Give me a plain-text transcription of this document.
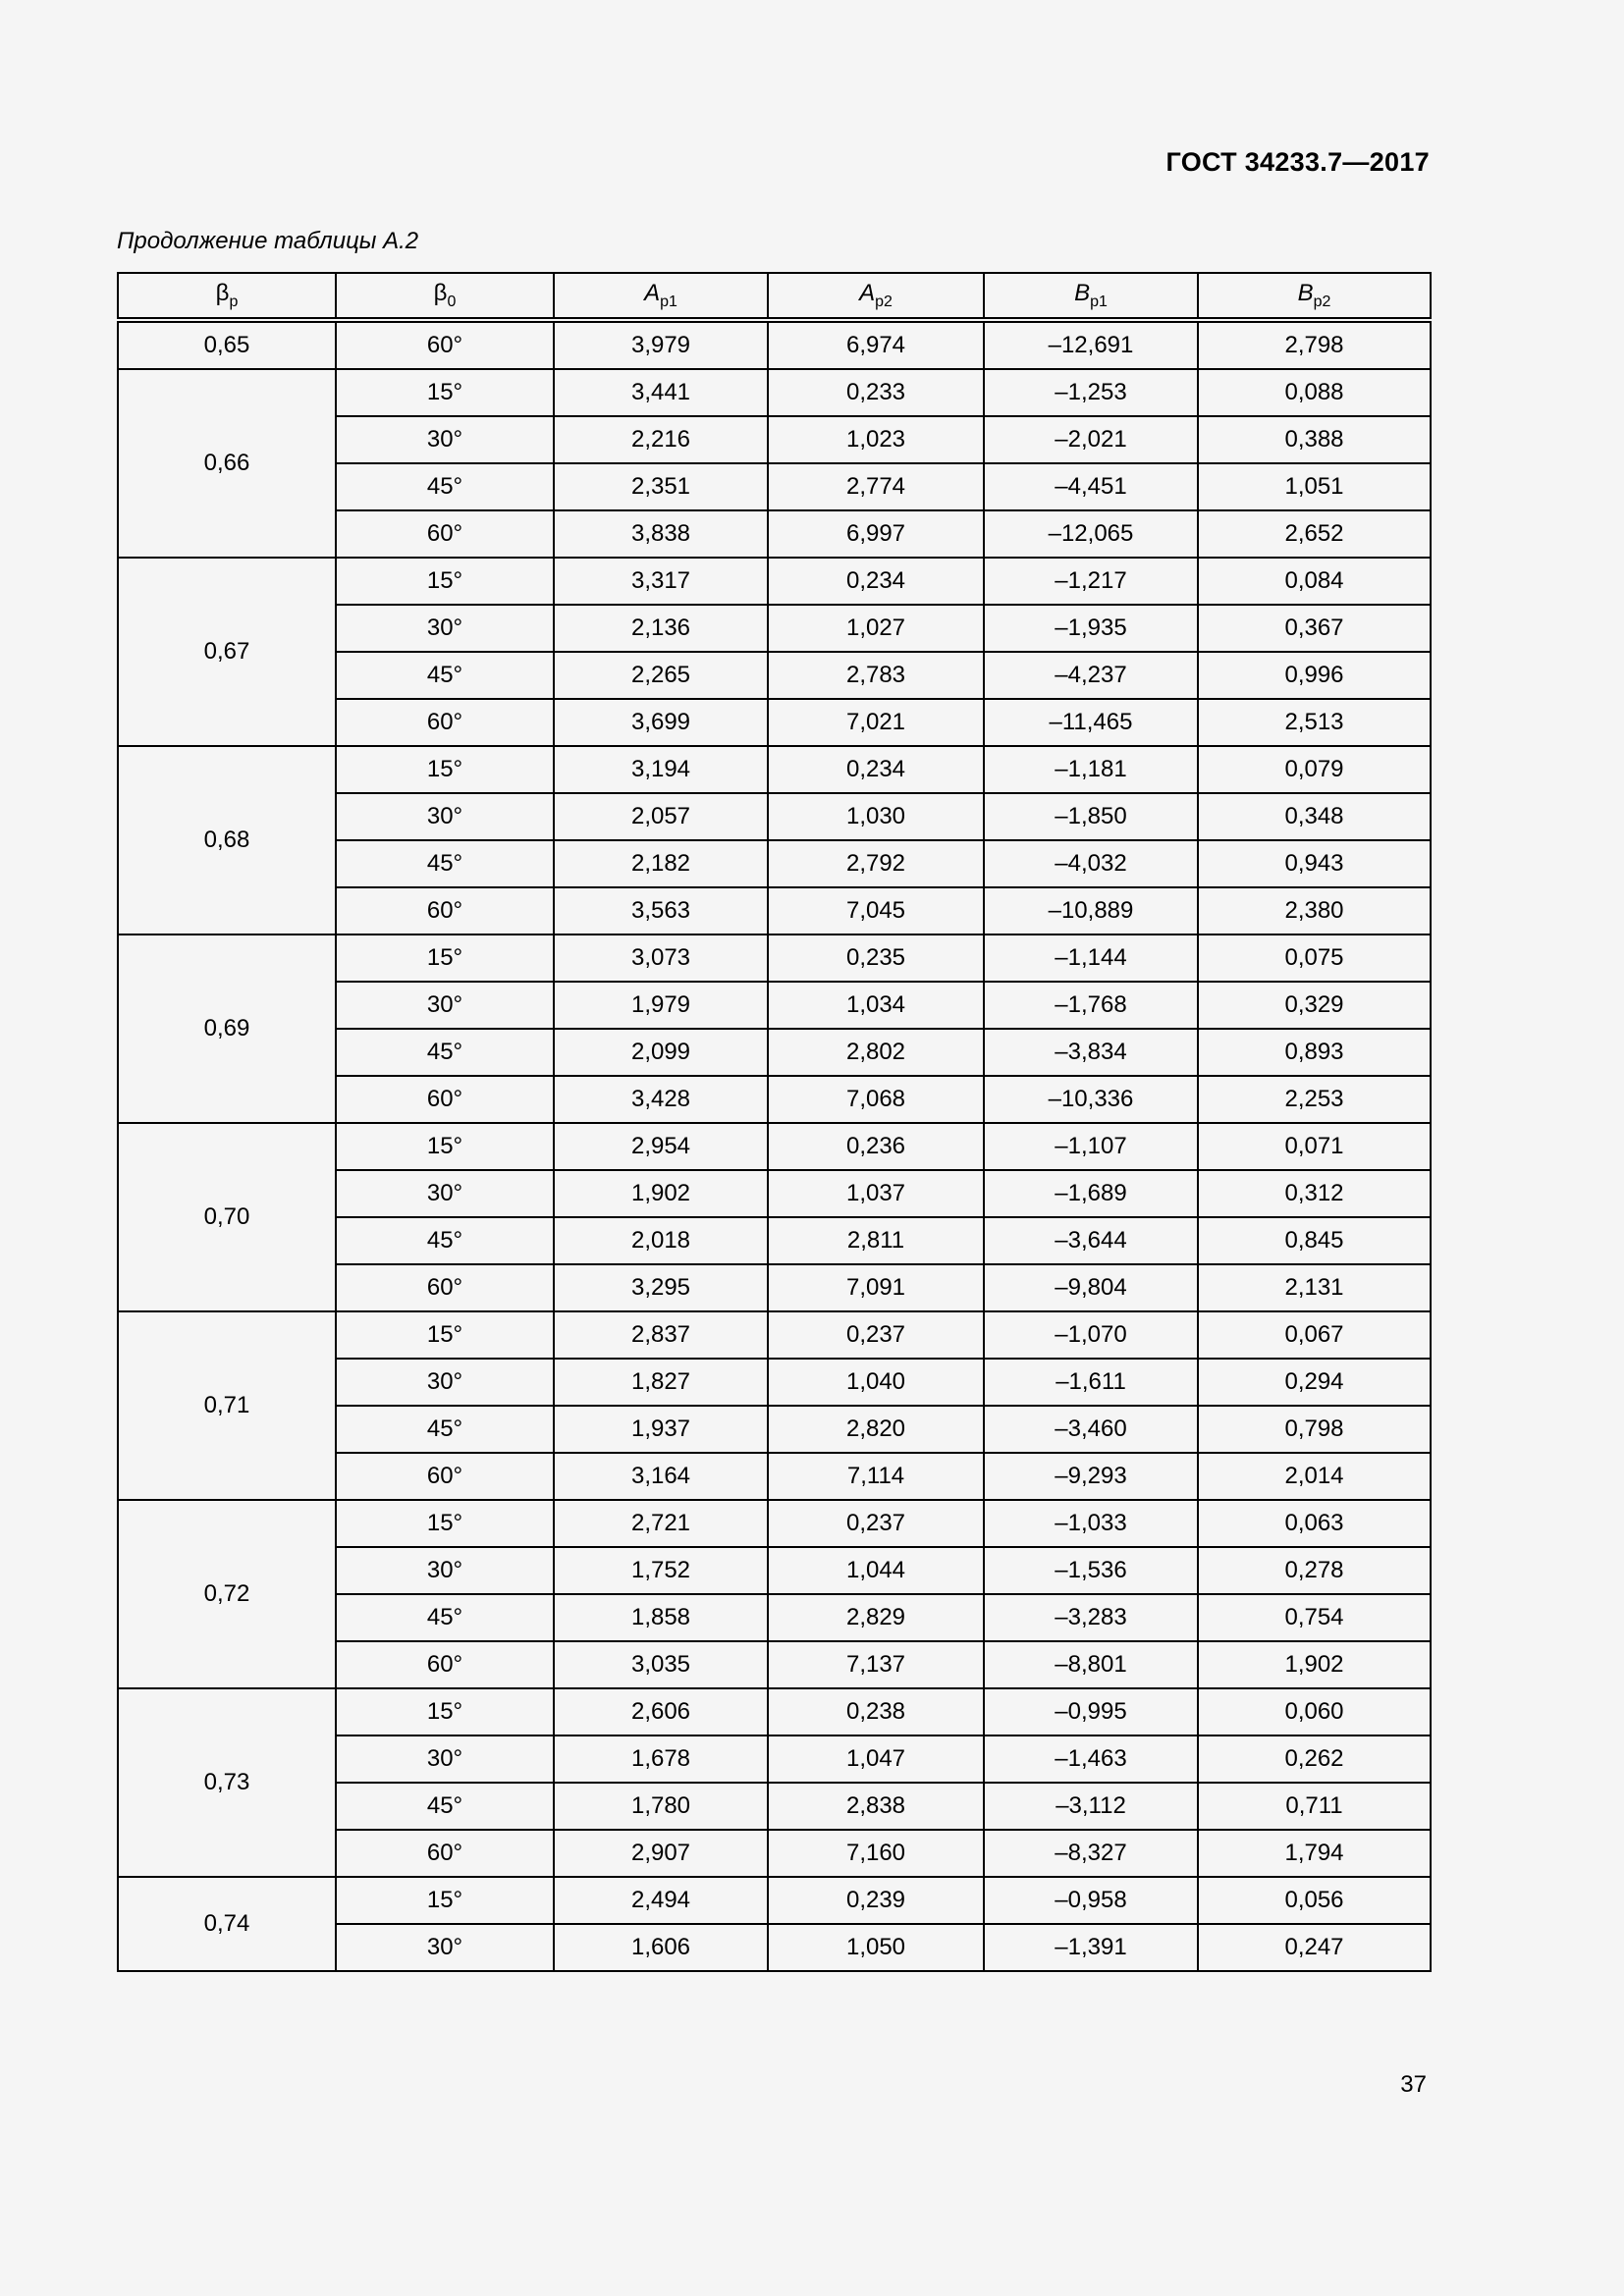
ГОСТ 34233.7—2017
Продолжение таблицы А.2
$\beta_р$	$\beta_0$	$A_{p1}$	$A_{p2}$	$B_{p1}$	$B_{p2}$
0,65	60°	3,979	6,974	–12,691	2,798
0,66	15°	3,441	0,233	–1,253	0,088
	30°	2,216	1,023	–2,021	0,388
	45°	2,351	2,774	–4,451	1,051
	60°	3,838	6,997	–12,065	2,652
0,67	15°	3,317	0,234	–1,217	0,084
	30°	2,136	1,027	–1,935	0,367
	45°	2,265	2,783	–4,237	0,996
	60°	3,699	7,021	–11,465	2,513
0,68	15°	3,194	0,234	–1,181	0,079
	30°	2,057	1,030	–1,850	0,348
	45°	2,182	2,792	–4,032	0,943
	60°	3,563	7,045	–10,889	2,380
0,69	15°	3,073	0,235	–1,144	0,075
	30°	1,979	1,034	–1,768	0,329
	45°	2,099	2,802	–3,834	0,893
	60°	3,428	7,068	–10,336	2,253
0,70	15°	2,954	0,236	–1,107	0,071
	30°	1,902	1,037	–1,689	0,312
	45°	2,018	2,811	–3,644	0,845
	60°	3,295	7,091	–9,804	2,131
0,71	15°	2,837	0,237	–1,070	0,067
	30°	1,827	1,040	–1,611	0,294
	45°	1,937	2,820	–3,460	0,798
	60°	3,164	7,114	–9,293	2,014
0,72	15°	2,721	0,237	–1,033	0,063
	30°	1,752	1,044	–1,536	0,278
	45°	1,858	2,829	–3,283	0,754
	60°	3,035	7,137	–8,801	1,902
0,73	15°	2,606	0,238	–0,995	0,060
	30°	1,678	1,047	–1,463	0,262
	45°	1,780	2,838	–3,112	0,711
	60°	2,907	7,160	–8,327	1,794
0,74	15°	2,494	0,239	–0,958	0,056
	30°	1,606	1,050	–1,391	0,247
37
